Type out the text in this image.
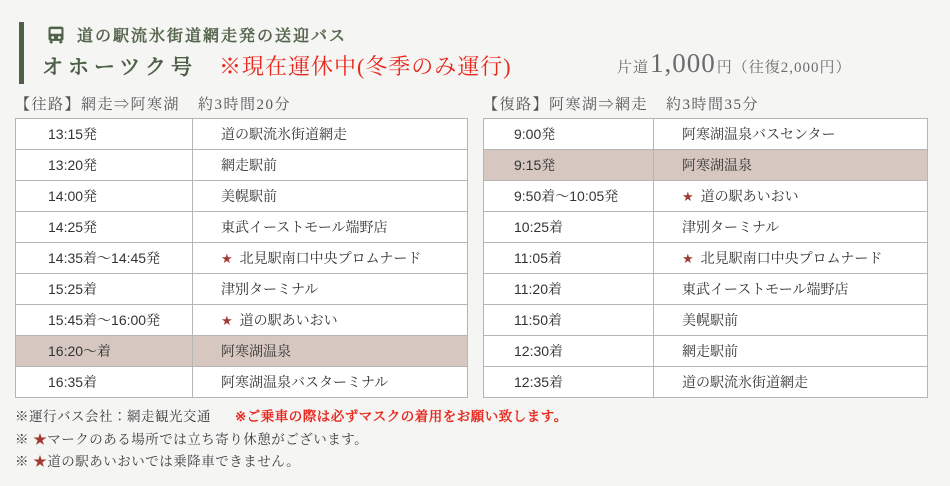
道の駅流氷街道網走発の送迎バス
オホーツク号 ※現在運休中(冬季のみ運行)	片道 1,000 円（往復2,000円）
【往路】網走⇒阿寒湖 約3時間20分	【復路】阿寒湖⇒網走 約3時間35分
13:15発	道の駅流氷街道網走
13:20発	網走駅前
14:00発	美幌駅前
14:25発	東武イーストモール端野店
14:35着～14:45発	★ 北見駅南口中央プロムナード
15:25着	津別ターミナル
15:45着～16:00発	★ 道の駅あいおい
16:20～着	阿寒湖温泉
16:35着	阿寒湖温泉バスターミナル
9:00発	阿寒湖温泉バスセンター
9:15発	阿寒湖温泉
9:50着～10:05発	★ 道の駅あいおい
10:25着	津別ターミナル
11:05着	★ 北見駅南口中央プロムナード
11:20着	東武イーストモール端野店
11:50着	美幌駅前
12:30着	網走駅前
12:35着	道の駅流氷街道網走
※運行バス会社：網走観光交通 ※ご乗車の際は必ずマスクの着用をお願い致します。
※ ★マークのある場所では立ち寄り休憩がございます。
※ ★道の駅あいおいでは乗降車できません。
